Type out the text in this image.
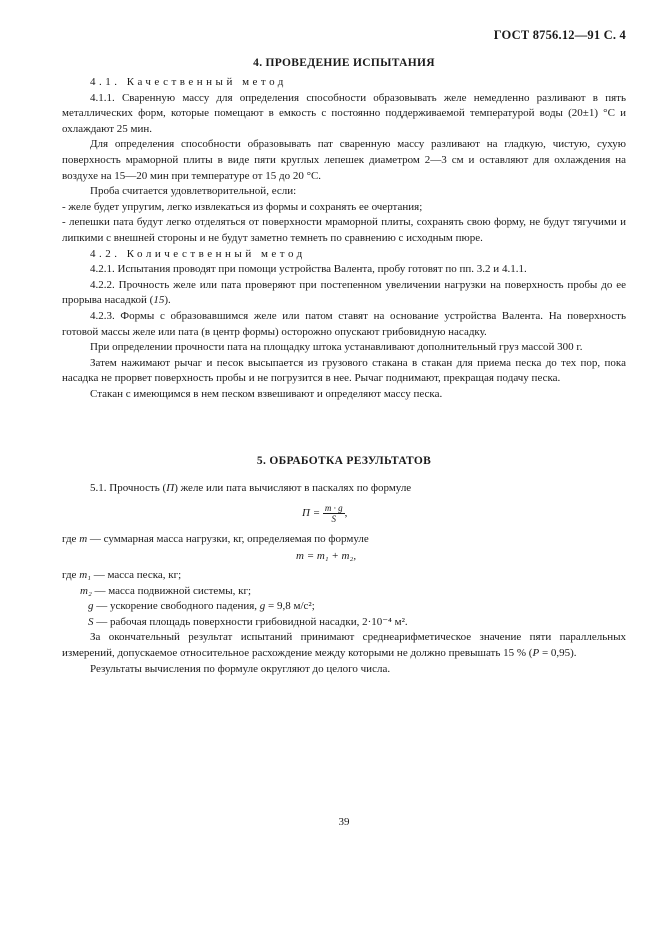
ГОСТ 8756.12—91 С. 4
4. ПРОВЕДЕНИЕ ИСПЫТАНИЯ

4.1. Качественный метод

4.1.1. Сваренную массу для определения способности образовывать желе немедленно разливают в пять металлических форм, которые помещают в емкость с постоянно поддерживаемой температурой воды (20±1) °С и охлаждают 25 мин.

Для определения способности образовывать пат сваренную массу разливают на гладкую, чистую, сухую поверхность мраморной плиты в виде пяти круглых лепешек диаметром 2—3 см и оставляют для охлаждения на воздухе на 15—20 мин при температуре от 15 до 20 °С.

Проба считается удовлетворительной, если:

- желе будет упругим, легко извлекаться из формы и сохранять ее очертания;

- лепешки пата будут легко отделяться от поверхности мраморной плиты, сохранять свою форму, не будут тягучими и липкими с внешней стороны и не будут заметно темнеть по сравнению с исходным пюре.

4.2. Количественный метод

4.2.1. Испытания проводят при помощи устройства Валента, пробу готовят по пп. 3.2 и 4.1.1.

4.2.2. Прочность желе или пата проверяют при постепенном увеличении нагрузки на поверхность пробы до ее прорыва насадкой (15).

4.2.3. Формы с образовавшимся желе или патом ставят на основание устройства Валента. На поверхность готовой массы желе или пата (в центр формы) осторожно опускают грибовидную насадку.

При определении прочности пата на площадку штока устанавливают дополнительный груз массой 300 г.

Затем нажимают рычаг и песок высыпается из грузового стакана в стакан для приема песка до тех пор, пока насадка не прорвет поверхность пробы и не погрузится в нее. Рычаг поднимают, прекращая подачу песка.

Стакан с имеющимся в нем песком взвешивают и определяют массу песка.

5. ОБРАБОТКА РЕЗУЛЬТАТОВ

5.1. Прочность (П) желе или пата вычисляют в паскалях по формуле

$П = \frac{m \cdot g}{S}$ ,

где m — суммарная масса нагрузки, кг, определяемая по формуле

m = m₁ + m₂,

где m₁ — масса песка, кг;

m₂ — масса подвижной системы, кг;

g — ускорение свободного падения, g = 9,8 м/с²;

S — рабочая площадь поверхности грибовидной насадки, 2·10⁻⁴ м².

За окончательный результат испытаний принимают среднеарифметическое значение пяти параллельных измерений, допускаемое относительное расхождение между которыми не должно превышать 15 % (P = 0,95).

Результаты вычисления по формуле округляют до целого числа.

39
